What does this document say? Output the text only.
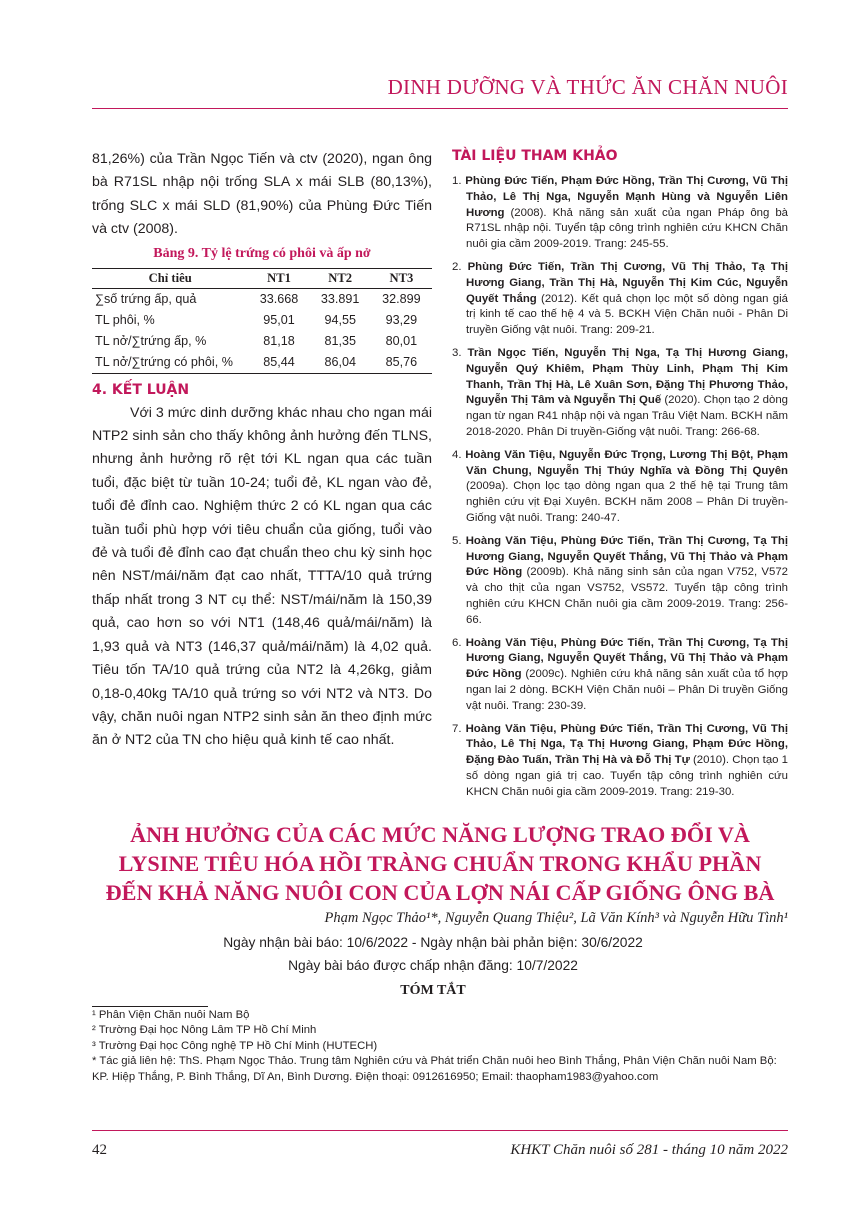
DINH DƯỠNG VÀ THỨC ĂN CHĂN NUÔI

81,26%) của Trần Ngọc Tiến và ctv (2020), ngan ông bà R71SL nhập nội trống SLA x mái SLB (80,13%), trống SLC x mái SLD (81,90%) của Phùng Đức Tiến và ctv (2008).

Bảng 9. Tỷ lệ trứng có phôi và ấp nở
Chỉ tiêu	NT1	NT2	NT3
∑số trứng ấp, quả	33.668	33.891	32.899
TL phôi, %	95,01	94,55	93,29
TL nở/∑trứng ấp, %	81,18	81,35	80,01
TL nở/∑trứng có phôi, %	85,44	86,04	85,76
4. KẾT LUẬN

Với 3 mức dinh dưỡng khác nhau cho ngan mái NTP2 sinh sản cho thấy không ảnh hưởng đến TLNS, nhưng ảnh hưởng rõ rệt tới KL ngan qua các tuần tuổi, đặc biệt từ tuần 10-24; tuổi đẻ, KL ngan vào đẻ, tuổi đẻ đỉnh cao. Nghiệm thức 2 có KL ngan qua các tuần tuổi phù hợp với tiêu chuẩn của giống, tuổi vào đẻ và tuổi đẻ đỉnh cao đạt chuẩn theo chu kỳ sinh học nên NST/mái/năm đạt cao nhất, TTTA/10 quả trứng thấp nhất trong 3 NT cụ thể: NST/mái/năm là 150,39 quả, cao hơn so với NT1 (148,46 quả/mái/năm) là 1,93 quả và NT3 (146,37 quả/mái/năm) là 4,02 quả. Tiêu tốn TA/10 quả trứng của NT2 là 4,26kg, giảm 0,18-0,40kg TA/10 quả trứng so với NT2 và NT3. Do vậy, chăn nuôi ngan NTP2 sinh sản ăn theo định mức ăn ở NT2 của TN cho hiệu quả kinh tế cao nhất.

TÀI LIỆU THAM KHẢO

1. Phùng Đức Tiến, Phạm Đức Hồng, Trần Thị Cương, Vũ Thị Thảo, Lê Thị Nga, Nguyễn Mạnh Hùng và Nguyễn Liên Hương (2008). Khả năng sản xuất của ngan Pháp ông bà R71SL nhập nội. Tuyển tập công trình nghiên cứu KHCN Chăn nuôi gia cầm 2009-2019. Trang: 245-55.

2. Phùng Đức Tiến, Trần Thị Cương, Vũ Thị Thảo, Tạ Thị Hương Giang, Trần Thị Hà, Nguyễn Thị Kim Cúc, Nguyễn Quyết Thắng (2012). Kết quả chọn lọc một số dòng ngan giá trị kinh tế cao thế hệ 4 và 5. BCKH Viện Chăn nuôi - Phân Di truyền Giống vật nuôi. Trang: 209-21.

3. Trần Ngọc Tiến, Nguyễn Thị Nga, Tạ Thị Hương Giang, Nguyễn Quý Khiêm, Phạm Thùy Linh, Phạm Thị Kim Thanh, Trần Thị Hà, Lê Xuân Sơn, Đặng Thị Phương Thảo, Nguyễn Thị Tâm và Nguyễn Thị Quế (2020). Chọn tạo 2 dòng ngan từ ngan R41 nhập nội và ngan Trâu Việt Nam. BCKH năm 2018-2020. Phân Di truyền-Giống vật nuôi. Trang: 266-68.

4. Hoàng Văn Tiệu, Nguyễn Đức Trọng, Lương Thị Bột, Phạm Văn Chung, Nguyễn Thị Thúy Nghĩa và Đồng Thị Quyên (2009a). Chọn lọc tạo dòng ngan qua 2 thế hệ tại Trung tâm nghiên cứu vịt Đại Xuyên. BCKH năm 2008 – Phân Di truyền-Giống vật nuôi. Trang: 240-47.

5. Hoàng Văn Tiệu, Phùng Đức Tiến, Trần Thị Cương, Tạ Thị Hương Giang, Nguyễn Quyết Thắng, Vũ Thị Thảo và Phạm Đức Hồng (2009b). Khả năng sinh sản của ngan V752, V572 và cho thịt của ngan VS752, VS572. Tuyển tập công trình nghiên cứu KHCN Chăn nuôi gia cầm 2009-2019. Trang: 256-66.

6. Hoàng Văn Tiệu, Phùng Đức Tiến, Trần Thị Cương, Tạ Thị Hương Giang, Nguyễn Quyết Thắng, Vũ Thị Thảo và Phạm Đức Hồng (2009c). Nghiên cứu khả năng sản xuất của tổ hợp ngan lai 2 dòng. BCKH Viện Chăn nuôi – Phân Di truyền Giống vật nuôi. Trang: 230-39.

7. Hoàng Văn Tiệu, Phùng Đức Tiến, Trần Thị Cương, Vũ Thị Thảo, Lê Thị Nga, Tạ Thị Hương Giang, Phạm Đức Hồng, Đặng Đào Tuấn, Trần Thị Hà và Đỗ Thị Tự (2010). Chọn tạo 1 số dòng ngan giá trị cao. Tuyển tập công trình nghiên cứu KHCN Chăn nuôi gia cầm 2009-2019. Trang: 219-30.

ẢNH HƯỞNG CỦA CÁC MỨC NĂNG LƯỢNG TRAO ĐỔI VÀ
LYSINE TIÊU HÓA HỒI TRÀNG CHUẨN TRONG KHẨU PHẦN
ĐẾN KHẢ NĂNG NUÔI CON CỦA LỢN NÁI CẤP GIỐNG ÔNG BÀ
Phạm Ngọc Thảo¹*, Nguyễn Quang Thiệu², Lã Văn Kính³ và Nguyễn Hữu Tình¹
Ngày nhận bài báo: 10/6/2022 - Ngày nhận bài phản biện: 30/6/2022
Ngày bài báo được chấp nhận đăng: 10/7/2022
TÓM TẮT

¹ Phân Viện Chăn nuôi Nam Bộ

² Trường Đại học Nông Lâm TP Hồ Chí Minh

³ Trường Đại học Công nghệ TP Hồ Chí Minh (HUTECH)

* Tác giả liên hệ: ThS. Phạm Ngọc Thảo. Trung tâm Nghiên cứu và Phát triển Chăn nuôi heo Bình Thắng, Phân Viện Chăn nuôi Nam Bộ: KP. Hiệp Thắng, P. Bình Thắng, Dĩ An, Bình Dương. Điện thoại: 0912616950; Email: thaopham1983@yahoo.com

42	KHKT Chăn nuôi số 281 - tháng 10 năm 2022
